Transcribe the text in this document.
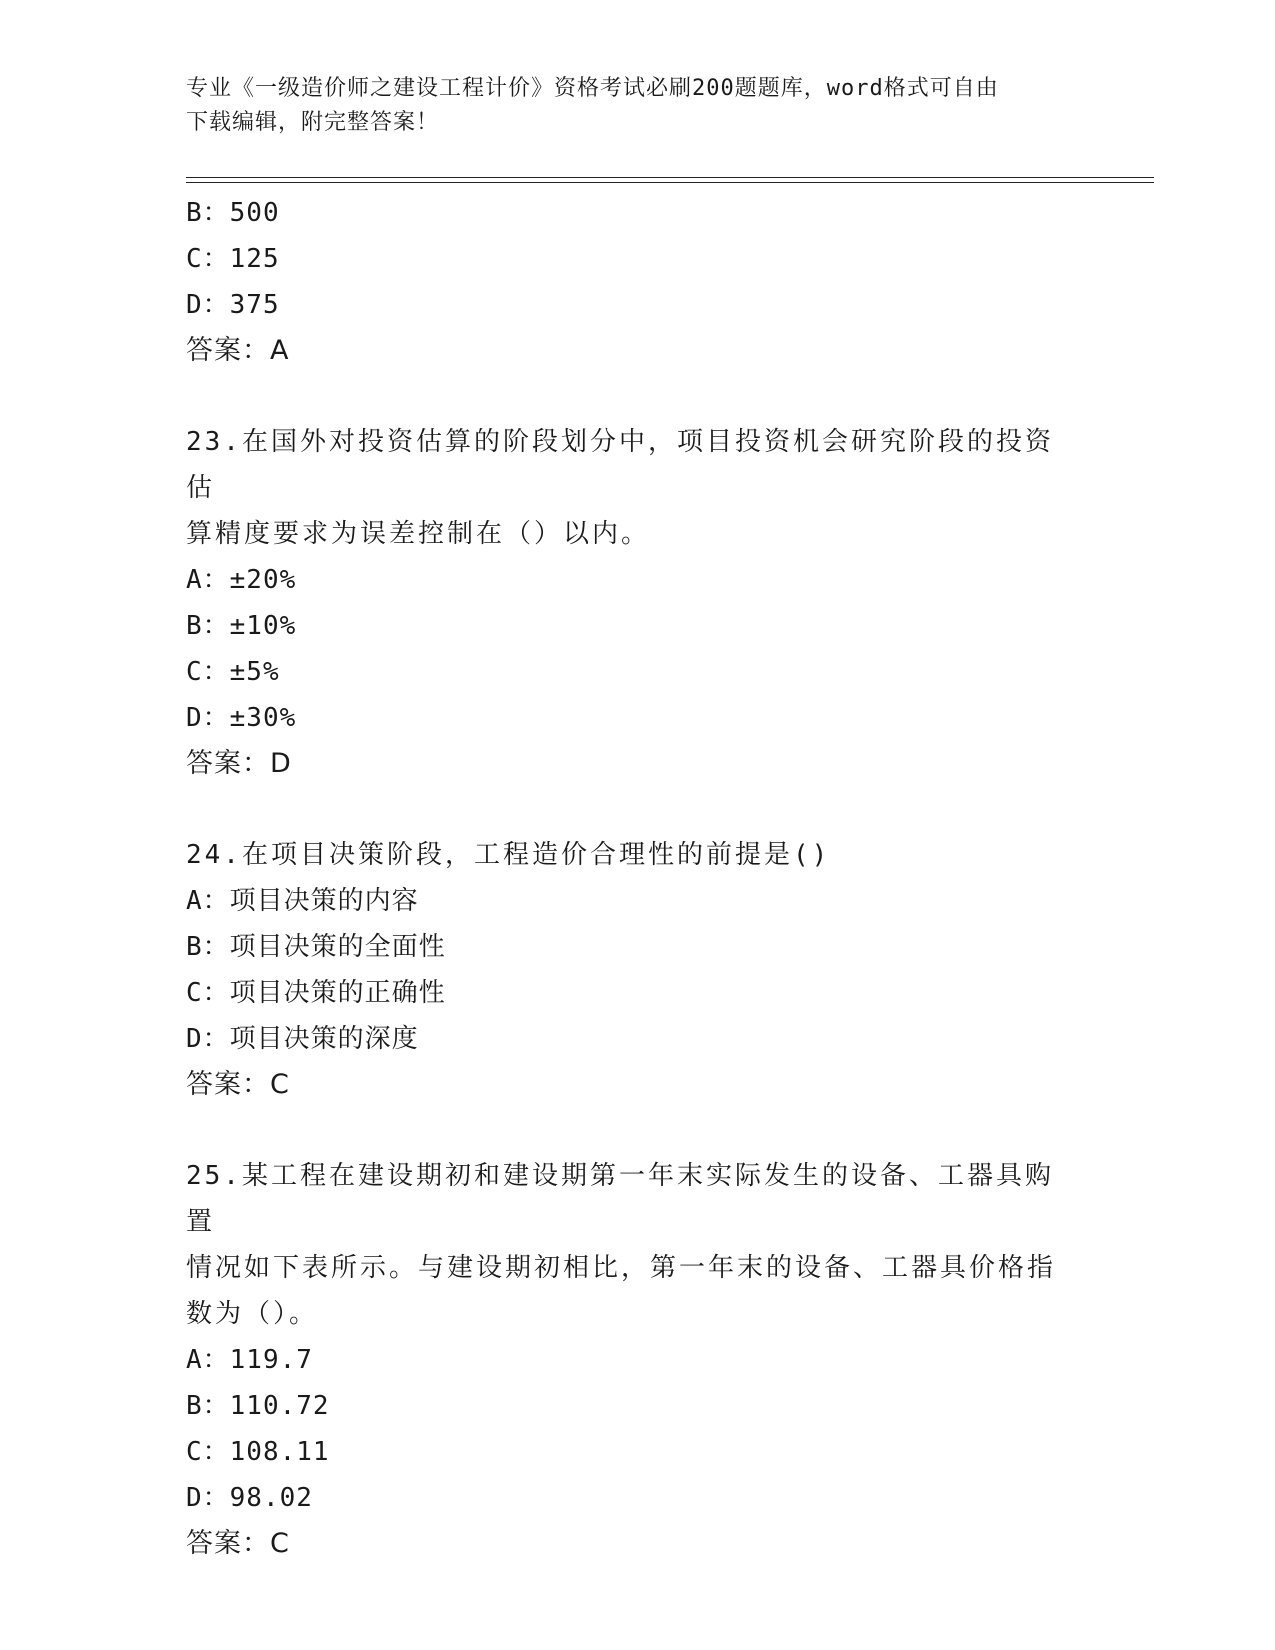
专业《一级造价师之建设工程计价》资格考试必刷200题题库，word格式可自由
下载编辑，附完整答案！
B：500
C：125
D：375
答案：A
23.在国外对投资估算的阶段划分中，项目投资机会研究阶段的投资估
算精度要求为误差控制在（）以内。
A：±20%
B：±10%
C：±5%
D：±30%
答案：D
24.在项目决策阶段，工程造价合理性的前提是()
A：项目决策的内容
B：项目决策的全面性
C：项目决策的正确性
D：项目决策的深度
答案：C
25.某工程在建设期初和建设期第一年末实际发生的设备、工器具购置
情况如下表所示。与建设期初相比，第一年末的设备、工器具价格指
数为（）。
A：119.7
B：110.72
C：108.11
D：98.02
答案：C
